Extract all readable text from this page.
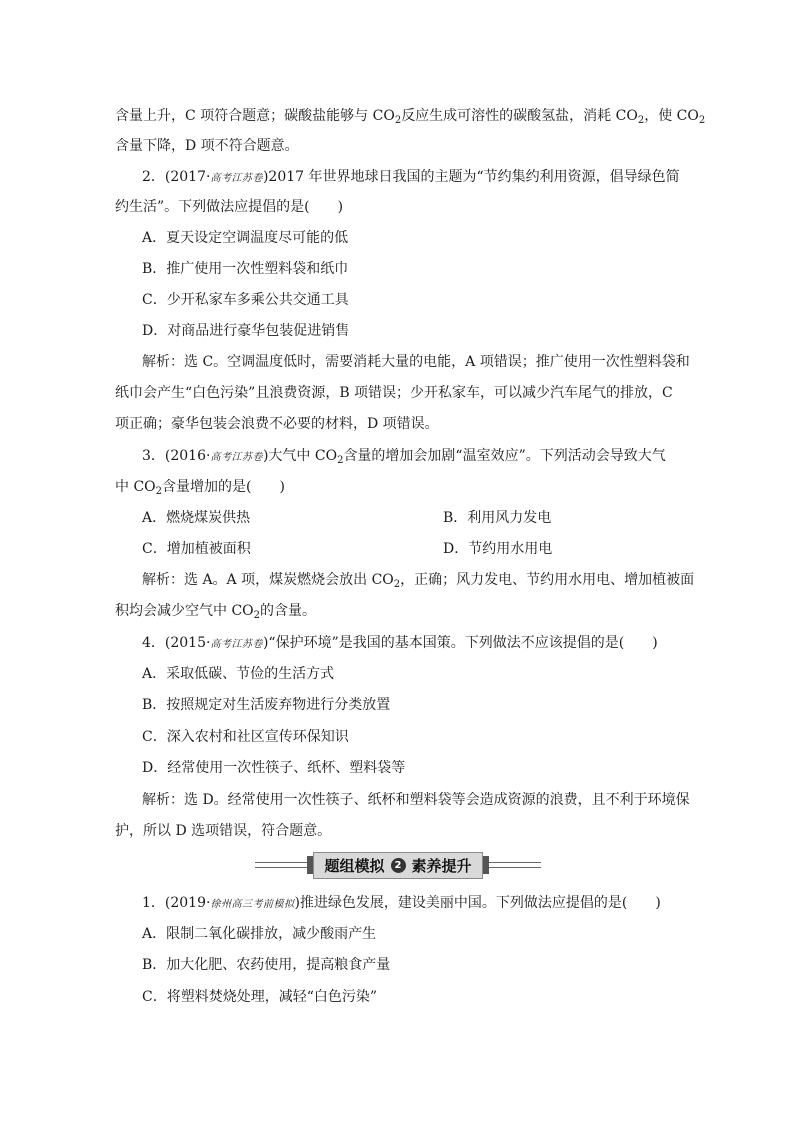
含量上升，C 项符合题意；碳酸盐能够与 $CO_2$反应生成可溶性的碳酸氢盐，消耗 $CO_2$，使 $CO_2$
含量下降，D 项不符合题意。
2．(2017·高考江苏卷)2017 年世界地球日我国的主题为“节约集约利用资源，倡导绿色简
约生活”。下列做法应提倡的是(　　)
A．夏天设定空调温度尽可能的低
B．推广使用一次性塑料袋和纸巾
C．少开私家车多乘公共交通工具
D．对商品进行豪华包装促进销售
解析：选 C。空调温度低时，需要消耗大量的电能，A 项错误；推广使用一次性塑料袋和
纸巾会产生“白色污染”且浪费资源，B 项错误；少开私家车，可以减少汽车尾气的排放，C
项正确；豪华包装会浪费不必要的材料，D 项错误。
3．(2016·高考江苏卷)大气中 $CO_2$含量的增加会加剧“温室效应”。下列活动会导致大气
中 $CO_2$含量增加的是(　　)
A．燃烧煤炭供热	B．利用风力发电
C．增加植被面积	D．节约用水用电
解析：选 A。A 项，煤炭燃烧会放出 $CO_2$，正确；风力发电、节约用水用电、增加植被面
积均会减少空气中 $CO_2$的含量。
4．(2015·高考江苏卷)“保护环境”是我国的基本国策。下列做法不应该提倡的是(　　)
A．采取低碳、节俭的生活方式
B．按照规定对生活废弃物进行分类放置
C．深入农村和社区宣传环保知识
D．经常使用一次性筷子、纸杯、塑料袋等
解析：选 D。经常使用一次性筷子、纸杯和塑料袋等会造成资源的浪费，且不利于环境保
护，所以 D 选项错误，符合题意。
题组模拟	2 素养提升
1．(2019·徐州高三考前模拟)推进绿色发展，建设美丽中国。下列做法应提倡的是(　　)
A．限制二氧化碳排放，减少酸雨产生
B．加大化肥、农药使用，提高粮食产量
C．将塑料焚烧处理，减轻“白色污染”
